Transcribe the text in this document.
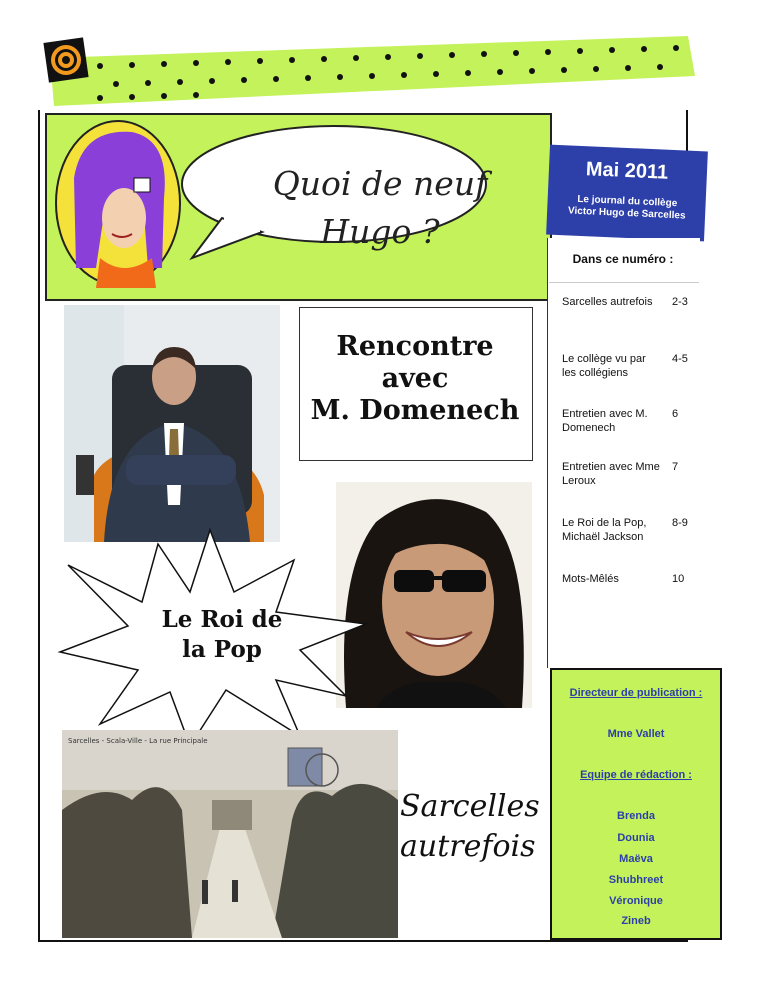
Quoi de neuf
Hugo ?
Mai 2011
Le journal du collège
Victor Hugo de Sarcelles
Dans ce numéro :
Sarcelles autrefois	2-3
Le collège vu par les collégiens
4-5
Entretien avec M. Domenech
6
Entretien avec Mme Leroux
7
Le Roi de la Pop, Michaël Jackson
8-9
Mots-Mêlés	10
Rencontre
avec
M. Domenech
Le Roi de
la Pop
Sarcelles - Scala-Ville - La rue Principale
Sarcelles
autrefois
Directeur de publication :
Mme Vallet
Equipe de rédaction :
Brenda
Dounia
Maëva
Shubhreet
Véronique
Zineb
